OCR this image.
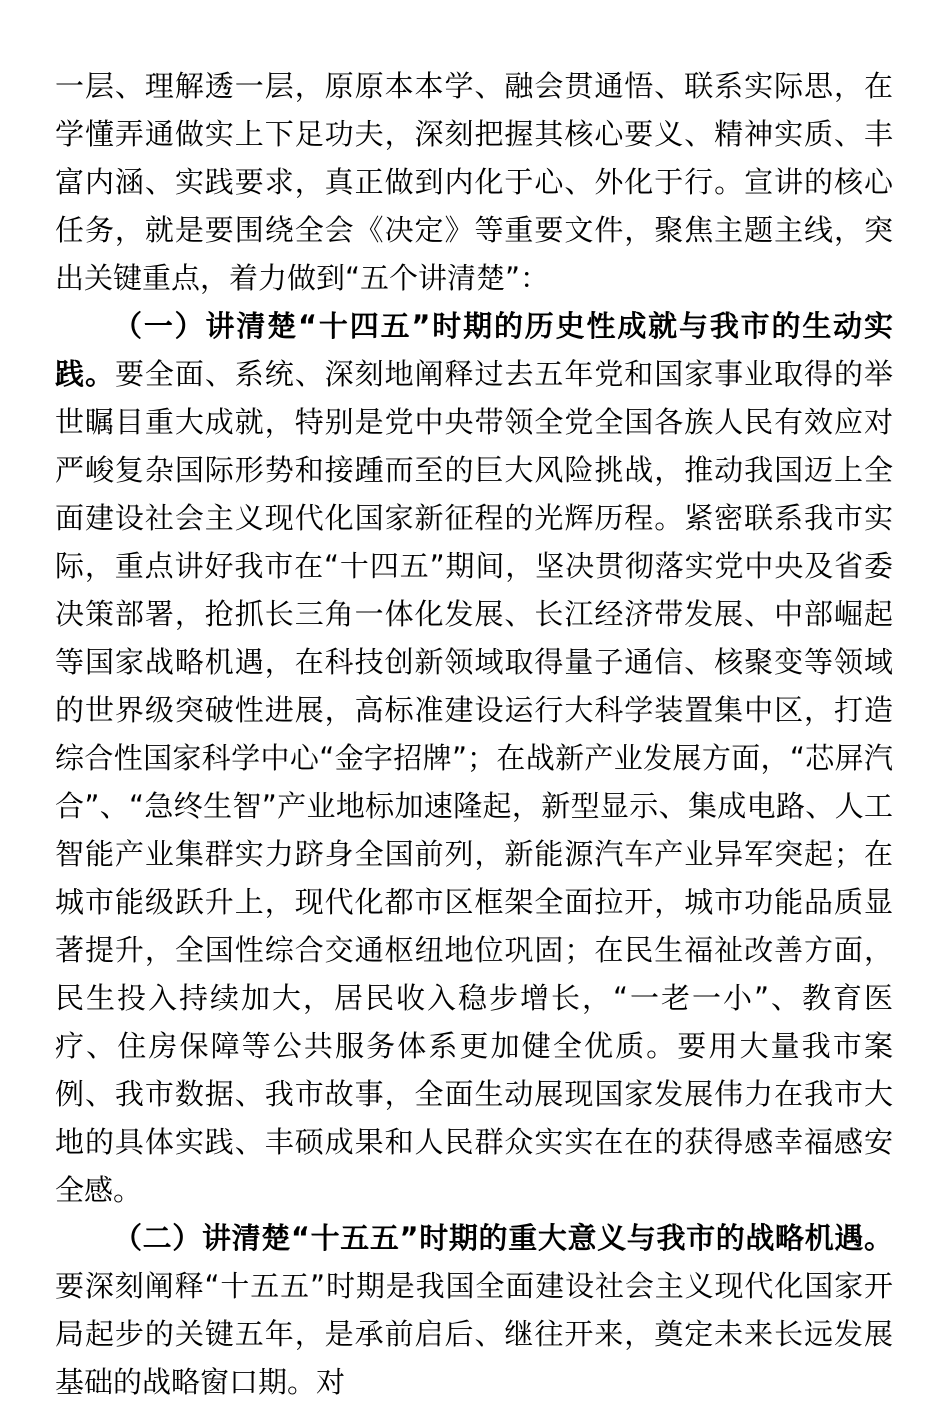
一层、理解透一层，原原本本学、融会贯通悟、联系实际思，在学懂弄通做实上下足功夫，深刻把握其核心要义、精神实质、丰富内涵、实践要求，真正做到内化于心、外化于行。宣讲的核心任务，就是要围绕全会《决定》等重要文件，聚焦主题主线，突出关键重点，着力做到“五个讲清楚”：

（一）讲清楚“十四五”时期的历史性成就与我市的生动实践。要全面、系统、深刻地阐释过去五年党和国家事业取得的举世瞩目重大成就，特别是党中央带领全党全国各族人民有效应对严峻复杂国际形势和接踵而至的巨大风险挑战，推动我国迈上全面建设社会主义现代化国家新征程的光辉历程。紧密联系我市实际，重点讲好我市在“十四五”期间，坚决贯彻落实党中央及省委决策部署，抢抓长三角一体化发展、长江经济带发展、中部崛起等国家战略机遇，在科技创新领域取得量子通信、核聚变等领域的世界级突破性进展，高标准建设运行大科学装置集中区，打造综合性国家科学中心“金字招牌”；在战新产业发展方面，“芯屏汽合”、“急终生智”产业地标加速隆起，新型显示、集成电路、人工智能产业集群实力跻身全国前列，新能源汽车产业异军突起；在城市能级跃升上，现代化都市区框架全面拉开，城市功能品质显著提升，全国性综合交通枢纽地位巩固；在民生福祉改善方面，民生投入持续加大，居民收入稳步增长，“一老一小”、教育医疗、住房保障等公共服务体系更加健全优质。要用大量我市案例、我市数据、我市故事，全面生动展现国家发展伟力在我市大地的具体实践、丰硕成果和人民群众实实在在的获得感幸福感安全感。

（二）讲清楚“十五五”时期的重大意义与我市的战略机遇。要深刻阐释“十五五”时期是我国全面建设社会主义现代化国家开局起步的关键五年，是承前启后、继往开来，奠定未来长远发展基础的战略窗口期。对
